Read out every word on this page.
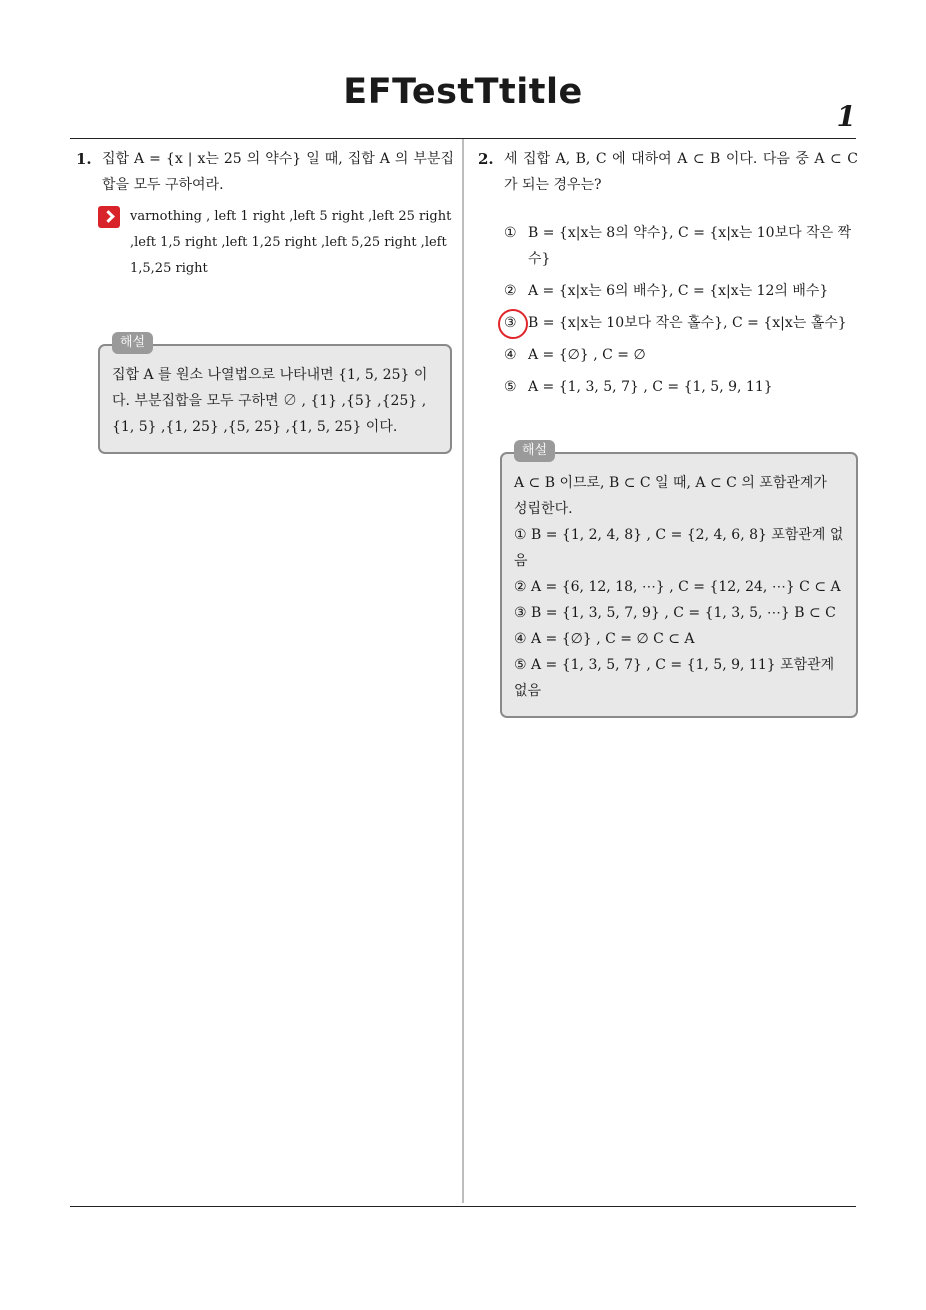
EFTestTtitle
1
1. 집합 A = {x | x는 25 의 약수} 일 때, 집합 A 의 부분집합을 모두 구하여라.
varnothing , left 1 right ,left 5 right ,left 25 right ,left 1,5 right ,left 1,25 right ,left 5,25 right ,left 1,5,25 right
해설
집합 A 를 원소 나열법으로 나타내면 {1, 5, 25} 이다. 부분집합을 모두 구하면 ∅ , {1} ,{5} ,{25} ,{1, 5} ,{1, 25} ,{5, 25} ,{1, 5, 25} 이다.
2. 세 집합 A, B, C 에 대하여 A ⊂ B 이다. 다음 중 A ⊂ C 가 되는 경우는?
① B = {x|x는 8의 약수}, C = {x|x는 10보다 작은 짝수}
② A = {x|x는 6의 배수}, C = {x|x는 12의 배수}
③ B = {x|x는 10보다 작은 홀수}, C = {x|x는 홀수}
④ A = {∅} , C = ∅
⑤ A = {1, 3, 5, 7} , C = {1, 5, 9, 11}
해설
A ⊂ B 이므로, B ⊂ C 일 때, A ⊂ C 의 포함관계가 성립한다.
① B = {1, 2, 4, 8} , C = {2, 4, 6, 8} 포함관계 없음
② A = {6, 12, 18, ⋯} , C = {12, 24, ⋯} C ⊂ A
③ B = {1, 3, 5, 7, 9} , C = {1, 3, 5, ⋯} B ⊂ C
④ A = {∅} , C = ∅ C ⊂ A
⑤ A = {1, 3, 5, 7} , C = {1, 5, 9, 11} 포함관계 없음
